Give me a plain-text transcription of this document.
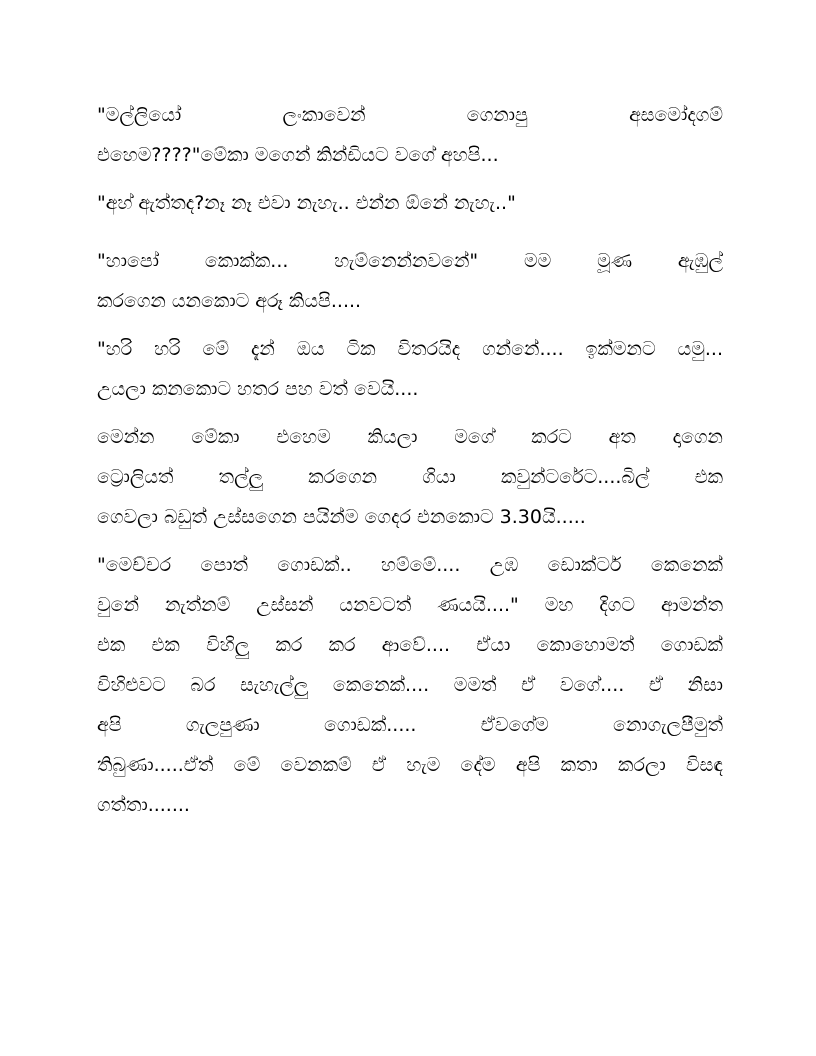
"මල්ලියෝ ලංකාවෙන් ගෙනාපු අසමෝදගම්
එහෙම????"මේකා මගෙන් කින්ඩියට වගේ අහපි...
"අහ් ඇත්තද?නෑ නෑ එවා නැහැ.. එන්න ඕනේ නැහැ.."
"හාපෝ කොක්ක... හැම්නෙන්නවනේ" මම මූණ ඇඹුල්
කරගෙන යනකොට අරූ කියපි.....
"හරි හරි මේ දැන් ඔය ටික විතරයිද ගන්නේ.... ඉක්මනට යමු...
උයලා කනකොට හතර පහ වත් වෙයි....
මෙන්න මේකා එහෙම කියලා මගේ කරට අත දාගෙන
ට්‍රොලියත් තල්ලු කරගෙන ගියා කවුන්ටරේට....බිල් එක
ගෙවලා බඩුත් උස්සගෙන පයින්ම ගෙදර එනකොට 3.30යි.....
"මෙච්චර පොත් ගොඩක්.. හම්මේ.... උඹ ඩොක්ටර් කෙනෙක්
වුනේ නැත්නම් උස්සන් යනවටත් ණයයි...." මහ දිගට ආමන්ත
එක එක විහිලු කර කර ආවේ.... ඒයා කොහොමත් ගොඩක්
විහිළුවට බර සැහැල්ලු කෙනෙක්.... මමත් ඒ වගේ.... ඒ නිසා
අපි ගැලපුණා ගොඩක්..... ඒවගේම නොගැලපීමුත්
තිබුණා.....ඒත් මේ වෙනකම් ඒ හැම දේම අපි කතා කරලා විසඳ
ගත්තා.......
